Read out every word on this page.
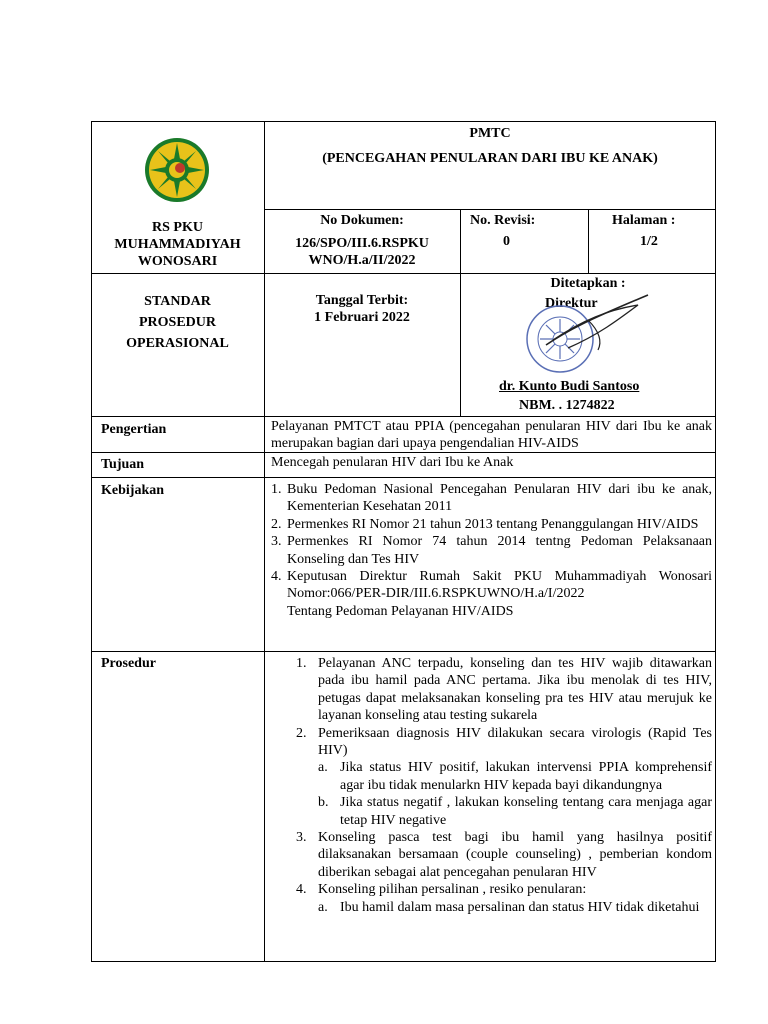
PMTC
(PENCEGAHAN PENULARAN DARI IBU KE ANAK)
RS PKU
MUHAMMADIYAH
WONOSARI
No Dokumen:
126/SPO/III.6.RSPKU
WNO/H.a/II/2022
No. Revisi:
0
Halaman :
1/2
STANDAR
PROSEDUR
OPERASIONAL
Tanggal Terbit:
1 Februari 2022
Ditetapkan :
Direktur
dr. Kunto Budi Santoso
NBM. . 1274822
Pengertian	Pelayanan PMTCT atau PPIA (pencegahan penularan HIV dari Ibu ke anak merupakan bagian dari upaya pengendalian HIV-AIDS
Tujuan	Mencegah penularan HIV dari Ibu ke Anak
Kebijakan	1. Buku Pedoman Nasional Pencegahan Penularan HIV dari ibu ke anak, Kementerian Kesehatan 2011
2. Permenkes RI Nomor 21 tahun 2013 tentang Penanggulangan HIV/AIDS
3. Permenkes RI Nomor 74 tahun 2014 tentng Pedoman Pelaksanaan Konseling dan Tes HIV
4. Keputusan Direktur Rumah Sakit PKU Muhammadiyah Wonosari Nomor:066/PER-DIR/III.6.RSPKUWNO/H.a/I/2022
Tentang Pedoman Pelayanan HIV/AIDS
Prosedur	1. Pelayanan ANC terpadu, konseling dan tes HIV wajib ditawarkan pada ibu hamil pada ANC pertama. Jika ibu menolak di tes HIV, petugas dapat melaksanakan konseling pra tes HIV atau merujuk ke layanan konseling atau testing sukarela
2. Pemeriksaan diagnosis HIV dilakukan secara virologis (Rapid Tes HIV)
a. Jika status HIV positif, lakukan intervensi PPIA komprehensif agar ibu tidak menularkn HIV kepada bayi dikandungnya
b. Jika status negatif , lakukan konseling tentang cara menjaga agar tetap HIV negative
3. Konseling pasca test bagi ibu hamil yang hasilnya positif dilaksanakan bersamaan (couple counseling) , pemberian kondom diberikan sebagai alat pencegahan penularan HIV
4. Konseling pilihan persalinan , resiko penularan:
a. Ibu hamil dalam masa persalinan dan status HIV tidak diketahui
